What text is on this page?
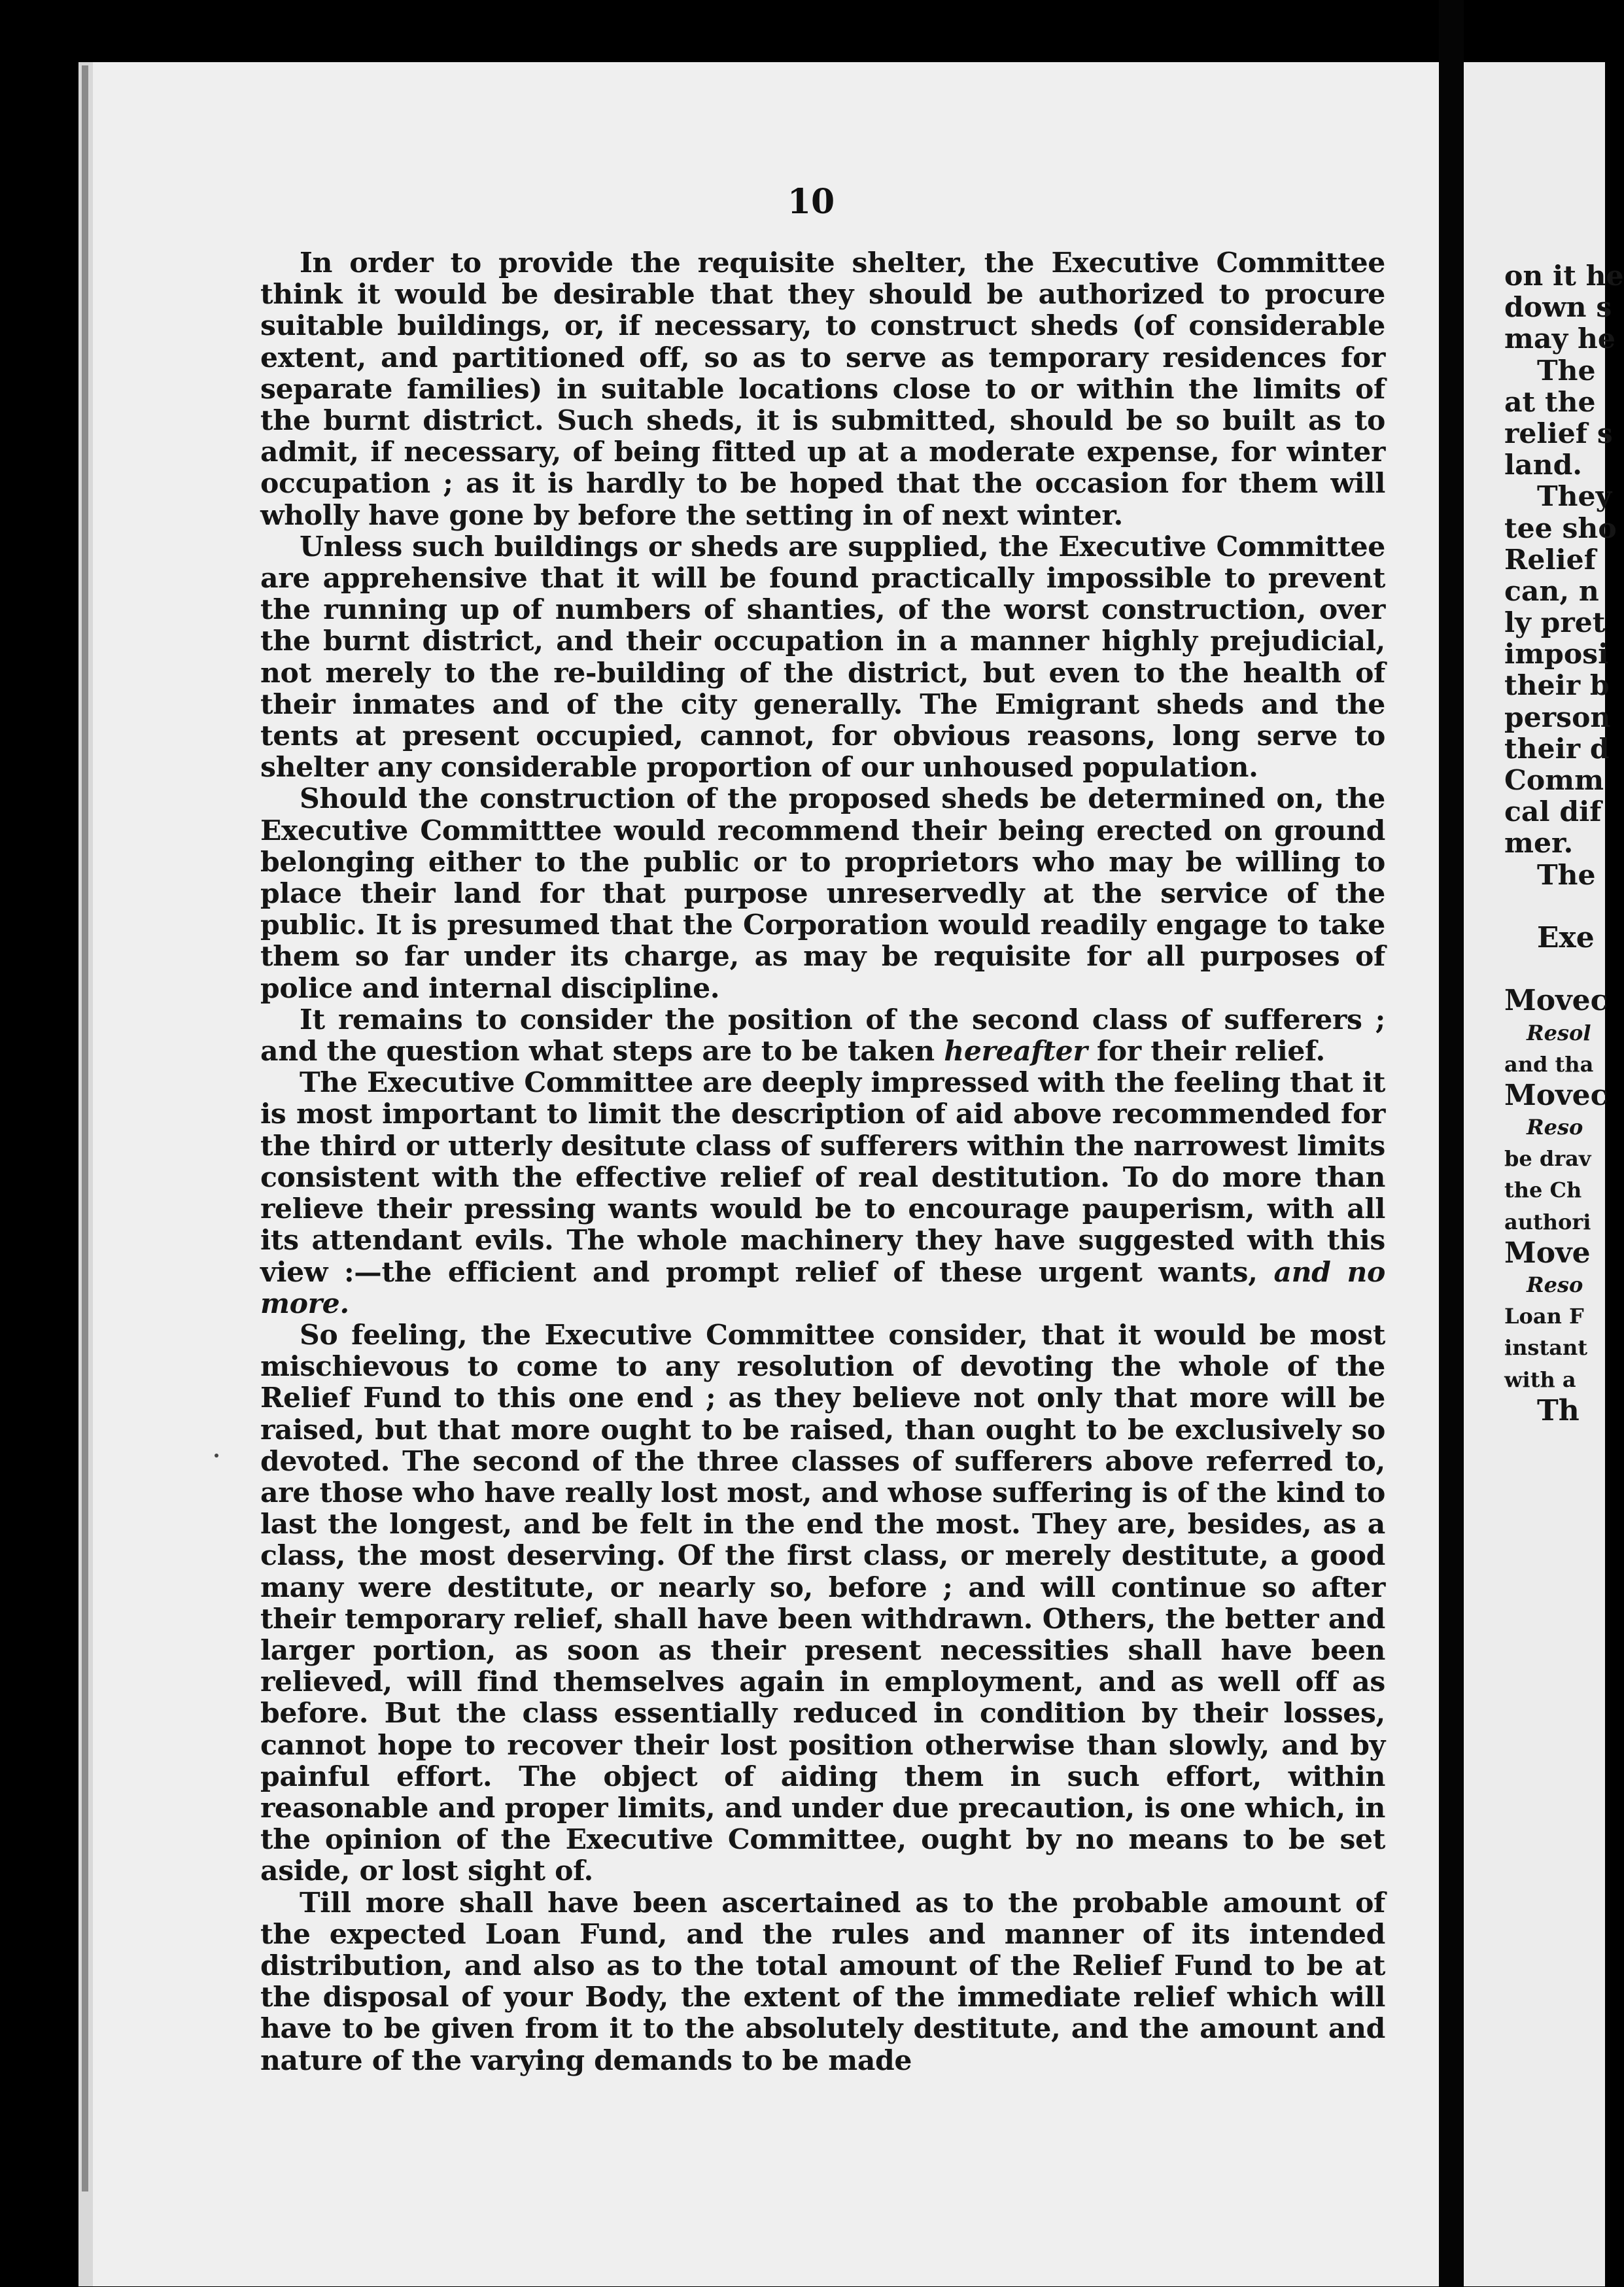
10

In order to provide the requisite shelter, the Executive Committee think it would be desirable that they should be authorized to procure suitable buildings, or, if necessary, to construct sheds (of considerable extent, and partitioned off, so as to serve as temporary residences for separate families) in suitable locations close to or within the limits of the burnt district. Such sheds, it is submitted, should be so built as to admit, if necessary, of being fitted up at a moderate expense, for winter occupation ; as it is hardly to be hoped that the occasion for them will wholly have gone by before the setting in of next winter.

Unless such buildings or sheds are supplied, the Executive Committee are apprehensive that it will be found practically impossible to prevent the running up of numbers of shanties, of the worst construction, over the burnt district, and their occupation in a manner highly prejudicial, not merely to the re-building of the district, but even to the health of their inmates and of the city generally. The Emigrant sheds and the tents at present occupied, cannot, for obvious reasons, long serve to shelter any considerable proportion of our unhoused population.

Should the construction of the proposed sheds be determined on, the Executive Committtee would recommend their being erected on ground belonging either to the public or to proprietors who may be willing to place their land for that purpose unreservedly at the service of the public. It is presumed that the Corporation would readily engage to take them so far under its charge, as may be requisite for all purposes of police and internal discipline.

It remains to consider the position of the second class of sufferers ; and the question what steps are to be taken hereafter for their relief.

The Executive Committee are deeply impressed with the feeling that it is most important to limit the description of aid above recommended for the third or utterly desitute class of sufferers within the narrowest limits consistent with the effective relief of real destitution. To do more than relieve their pressing wants would be to encourage pauperism, with all its attendant evils. The whole machinery they have suggested with this view :—the efficient and prompt relief of these urgent wants, and no more.

So feeling, the Executive Committee consider, that it would be most mischievous to come to any resolution of devoting the whole of the Relief Fund to this one end ; as they believe not only that more will be raised, but that more ought to be raised, than ought to be exclusively so devoted. The second of the three classes of sufferers above referred to, are those who have really lost most, and whose suffering is of the kind to last the longest, and be felt in the end the most. They are, besides, as a class, the most deserving. Of the first class, or merely destitute, a good many were destitute, or nearly so, before ; and will continue so after their temporary relief, shall have been withdrawn. Others, the better and larger portion, as soon as their present necessities shall have been relieved, will find themselves again in employment, and as well off as before. But the class essentially reduced in condition by their losses, cannot hope to recover their lost position otherwise than slowly, and by painful effort. The object of aiding them in such effort, within reasonable and proper limits, and under due precaution, is one which, in the opinion of the Executive Committee, ought by no means to be set aside, or lost sight of.

Till more shall have been ascertained as to the probable amount of the expected Loan Fund, and the rules and manner of its intended distribution, and also as to the total amount of the Relief Fund to be at the disposal of your Body, the extent of the immediate relief which will have to be given from it to the absolutely destitute, and the amount and nature of the varying demands to be made

on it he
down s
may he
The
at the
relief s
land.
They
tee sho
Relief
can, n
ly pret
imposi
their b
person
their d
Comm
cal dif
mer.
The
Exe
Movec
Resol
and tha
Movec
Reso
be drav
the Ch
authori
Move
Reso
Loan F
instant
with a
Th
